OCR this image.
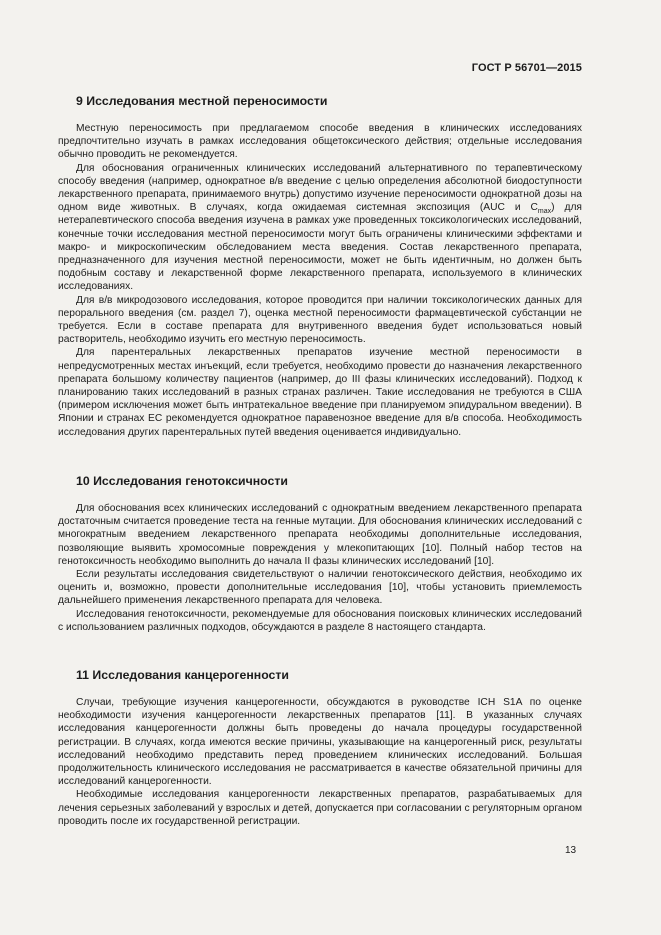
ГОСТ Р 56701—2015
9 Исследования местной переносимости

Местную переносимость при предлагаемом способе введения в клинических исследованиях предпочтительно изучать в рамках исследования общетоксического действия; отдельные исследования обычно проводить не рекомендуется.

Для обоснования ограниченных клинических исследований альтернативного по терапевтическому способу введения (например, однократное в/в введение с целью определения абсолютной биодоступности лекарственного препарата, принимаемого внутрь) допустимо изучение переносимости однократной дозы на одном виде животных. В случаях, когда ожидаемая системная экспозиция (AUC и $C_{max}$) для нетерапевтического способа введения изучена в рамках уже проведенных токсикологических исследований, конечные точки исследования местной переносимости могут быть ограничены клиническими эффектами и макро- и микроскопическим обследованием места введения. Состав лекарственного препарата, предназначенного для изучения местной переносимости, может не быть идентичным, но должен быть подобным составу и лекарственной форме лекарственного препарата, используемого в клинических исследованиях.

Для в/в микродозового исследования, которое проводится при наличии токсикологических данных для перорального введения (см. раздел 7), оценка местной переносимости фармацевтической субстанции не требуется. Если в составе препарата для внутривенного введения будет использоваться новый растворитель, необходимо изучить его местную переносимость.

Для парентеральных лекарственных препаратов изучение местной переносимости в непредусмотренных местах инъекций, если требуется, необходимо провести до назначения лекарственного препарата большому количеству пациентов (например, до III фазы клинических исследований). Подход к планированию таких исследований в разных странах различен. Такие исследования не требуются в США (примером исключения может быть интратекальное введение при планируемом эпидуральном введении). В Японии и странах ЕС рекомендуется однократное паравенозное введение для в/в способа. Необходимость исследования других парентеральных путей введения оценивается индивидуально.

10 Исследования генотоксичности

Для обоснования всех клинических исследований с однократным введением лекарственного препарата достаточным считается проведение теста на генные мутации. Для обоснования клинических исследований с многократным введением лекарственного препарата необходимы дополнительные исследования, позволяющие выявить хромосомные повреждения у млекопитающих [10]. Полный набор тестов на генотоксичность необходимо выполнить до начала II фазы клинических исследований [10].

Если результаты исследования свидетельствуют о наличии генотоксического действия, необходимо их оценить и, возможно, провести дополнительные исследования [10], чтобы установить приемлемость дальнейшего применения лекарственного препарата для человека.

Исследования генотоксичности, рекомендуемые для обоснования поисковых клинических исследований с использованием различных подходов, обсуждаются в разделе 8 настоящего стандарта.

11 Исследования канцерогенности

Случаи, требующие изучения канцерогенности, обсуждаются в руководстве ICH S1A по оценке необходимости изучения канцерогенности лекарственных препаратов [11]. В указанных случаях исследования канцерогенности должны быть проведены до начала процедуры государственной регистрации. В случаях, когда имеются веские причины, указывающие на канцерогенный риск, результаты исследований необходимо представить перед проведением клинических исследований. Большая продолжительность клинического исследования не рассматривается в качестве обязательной причины для исследований канцерогенности.

Необходимые исследования канцерогенности лекарственных препаратов, разрабатываемых для лечения серьезных заболеваний у взрослых и детей, допускается при согласовании с регуляторным органом проводить после их государственной регистрации.

13
